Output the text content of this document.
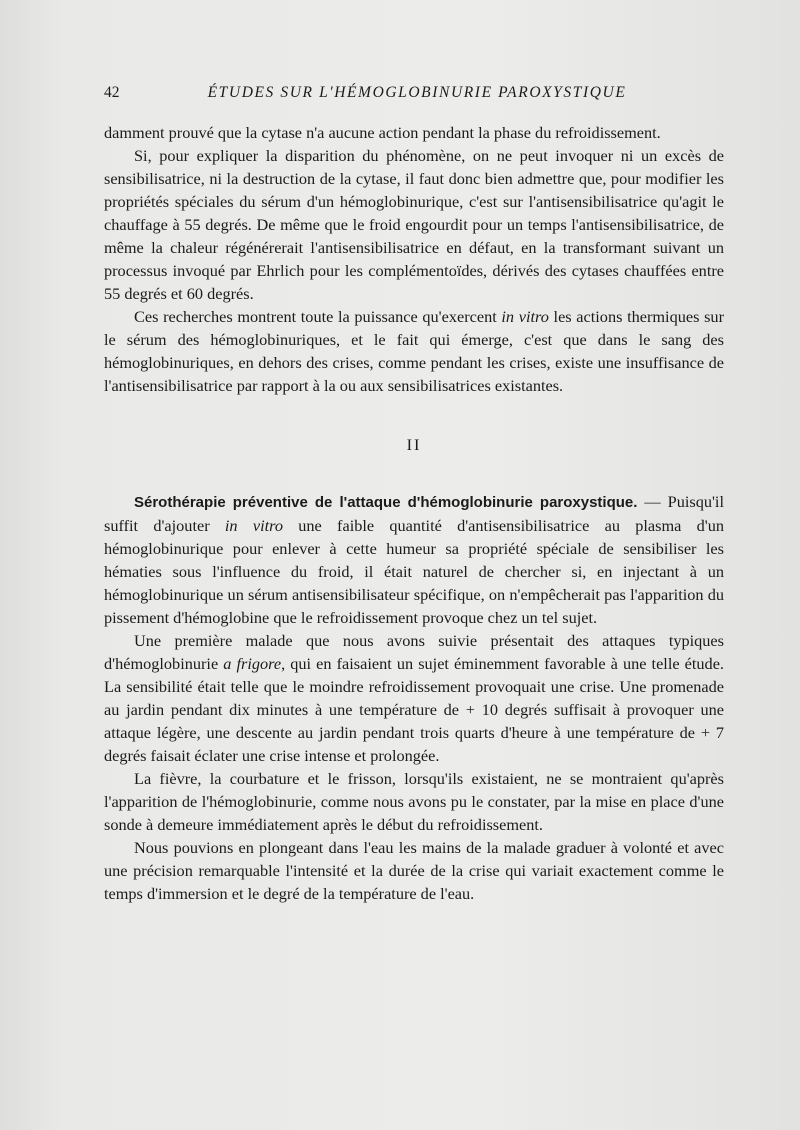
42	ÉTUDES SUR L'HÉMOGLOBINURIE PAROXYSTIQUE

damment prouvé que la cytase n'a aucune action pendant la phase du refroidissement.

Si, pour expliquer la disparition du phénomène, on ne peut invoquer ni un excès de sensibilisatrice, ni la destruction de la cytase, il faut donc bien admettre que, pour modifier les propriétés spéciales du sérum d'un hémoglobinurique, c'est sur l'antisensibilisatrice qu'agit le chauffage à 55 degrés. De même que le froid engourdit pour un temps l'antisensibilisatrice, de même la chaleur régénérerait l'antisensibilisatrice en défaut, en la transformant suivant un processus invoqué par Ehrlich pour les complémentoïdes, dérivés des cytases chauffées entre 55 degrés et 60 degrés.

Ces recherches montrent toute la puissance qu'exercent in vitro les actions thermiques sur le sérum des hémoglobinuriques, et le fait qui émerge, c'est que dans le sang des hémoglobinuriques, en dehors des crises, comme pendant les crises, existe une insuffisance de l'antisensibilisatrice par rapport à la ou aux sensibilisatrices existantes.

II

Sérothérapie préventive de l'attaque d'hémoglobinurie paroxystique. — Puisqu'il suffit d'ajouter in vitro une faible quantité d'antisensibilisatrice au plasma d'un hémoglobinurique pour enlever à cette humeur sa propriété spéciale de sensibiliser les hématies sous l'influence du froid, il était naturel de chercher si, en injectant à un hémoglobinurique un sérum antisensibilisateur spécifique, on n'empêcherait pas l'apparition du pissement d'hémoglobine que le refroidissement provoque chez un tel sujet.

Une première malade que nous avons suivie présentait des attaques typiques d'hémoglobinurie a frigore, qui en faisaient un sujet éminemment favorable à une telle étude. La sensibilité était telle que le moindre refroidissement provoquait une crise. Une promenade au jardin pendant dix minutes à une température de + 10 degrés suffisait à provoquer une attaque légère, une descente au jardin pendant trois quarts d'heure à une température de + 7 degrés faisait éclater une crise intense et prolongée.

La fièvre, la courbature et le frisson, lorsqu'ils existaient, ne se montraient qu'après l'apparition de l'hémoglobinurie, comme nous avons pu le constater, par la mise en place d'une sonde à demeure immédiatement après le début du refroidissement.

Nous pouvions en plongeant dans l'eau les mains de la malade graduer à volonté et avec une précision remarquable l'intensité et la durée de la crise qui variait exactement comme le temps d'immersion et le degré de la température de l'eau.
